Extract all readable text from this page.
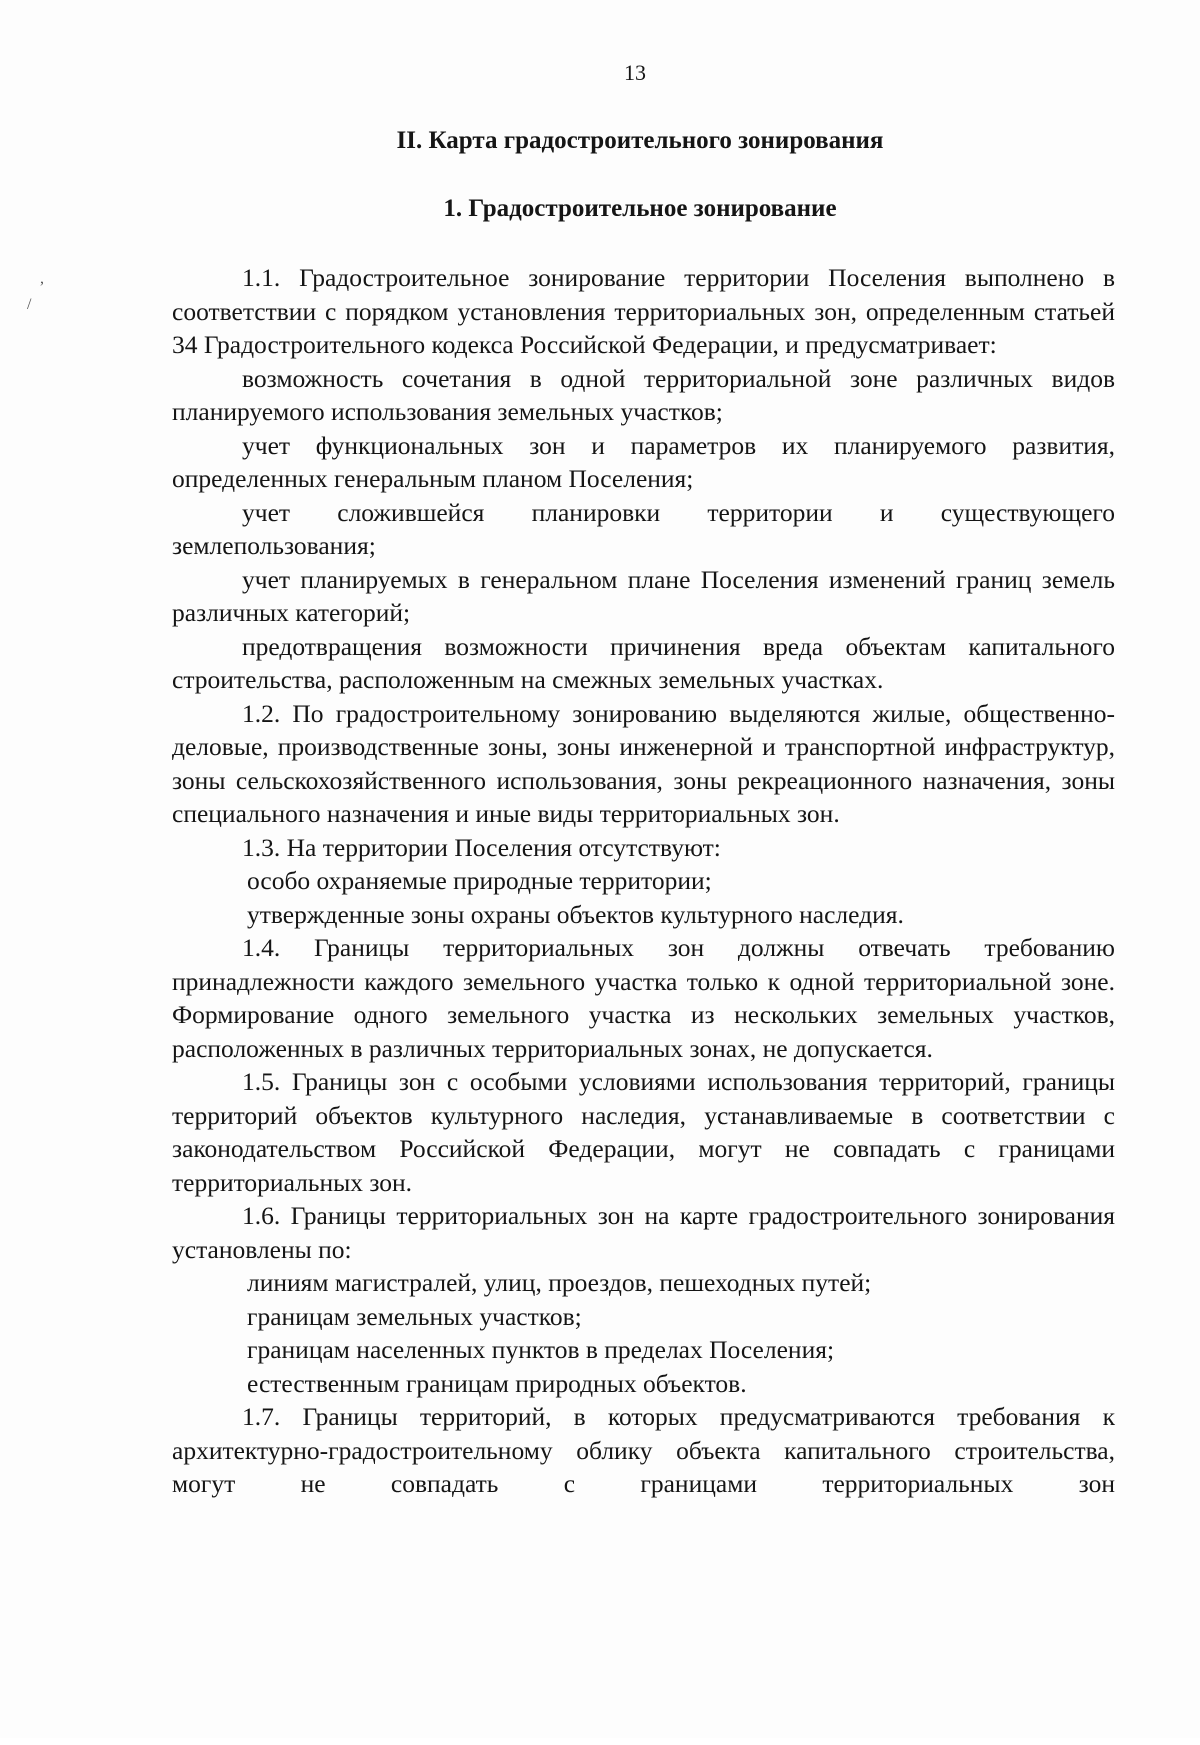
,
/
13
II. Карта градостроительного зонирования
1. Градостроительное зонирование
1.1. Градостроительное зонирование территории Поселения выполнено в соответствии с порядком установления территориальных зон, определенным статьей 34 Градостроительного кодекса Российской Федерации, и предусматривает:
возможность сочетания в одной территориальной зоне различных видов планируемого использования земельных участков;
учет функциональных зон и параметров их планируемого развития, определенных генеральным планом Поселения;
учет сложившейся планировки территории и существующего землепользования;
учет планируемых в генеральном плане Поселения изменений границ земель различных категорий;
предотвращения возможности причинения вреда объектам капитального строительства, расположенным на смежных земельных участках.
1.2. По градостроительному зонированию выделяются жилые, общественно-деловые, производственные зоны, зоны инженерной и транспортной инфраструктур, зоны сельскохозяйственного использования, зоны рекреационного назначения, зоны специального назначения и иные виды территориальных зон.
1.3. На территории Поселения отсутствуют:
особо охраняемые природные территории;
утвержденные зоны охраны объектов культурного наследия.
1.4. Границы территориальных зон должны отвечать требованию принадлежности каждого земельного участка только к одной территориальной зоне. Формирование одного земельного участка из нескольких земельных участков, расположенных в различных территориальных зонах, не допускается.
1.5. Границы зон с особыми условиями использования территорий, границы территорий объектов культурного наследия, устанавливаемые в соответствии с законодательством Российской Федерации, могут не совпадать с границами территориальных зон.
1.6. Границы территориальных зон на карте градостроительного зонирования установлены по:
линиям магистралей, улиц, проездов, пешеходных путей;
границам земельных участков;
границам населенных пунктов в пределах Поселения;
естественным границам природных объектов.
1.7. Границы территорий, в которых предусматриваются требования к архитектурно-градостроительному облику объекта капитального строительства, могут не совпадать с границами территориальных зон
